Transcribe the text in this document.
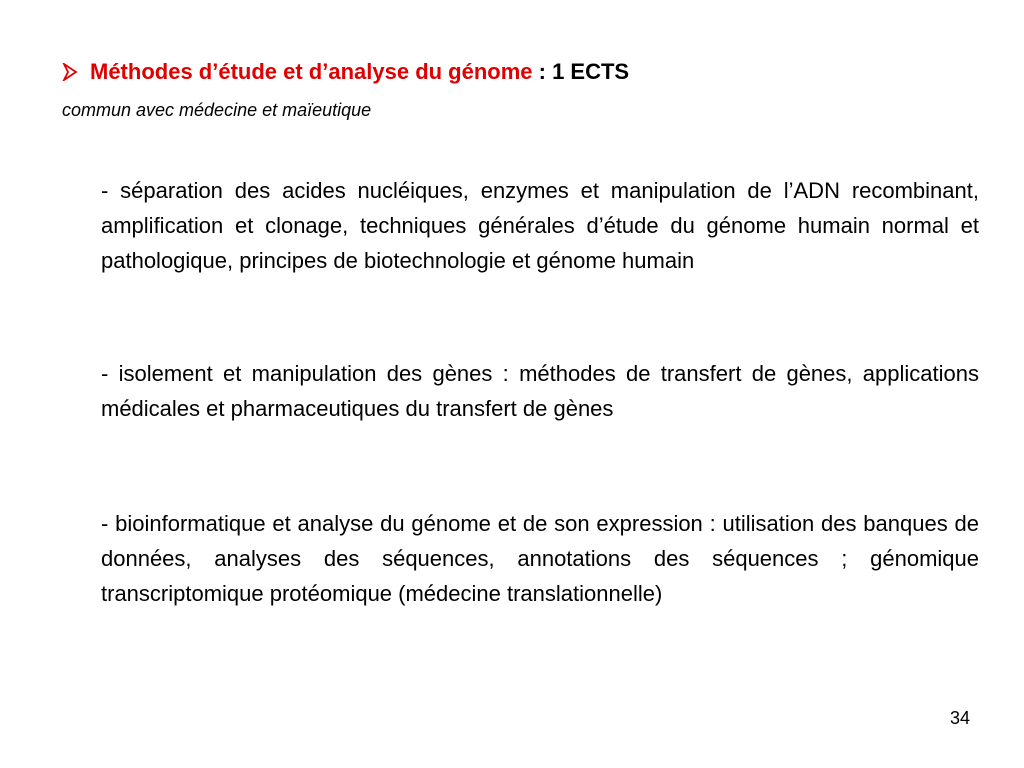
Méthodes d’étude et d’analyse du génome : 1 ECTS
commun avec médecine et maïeutique
- séparation des acides nucléiques, enzymes et manipulation de l’ADN recombinant, amplification et clonage, techniques générales d’étude du génome humain normal et pathologique, principes de biotechnologie et génome humain
- isolement et manipulation des gènes : méthodes de transfert de gènes, applications médicales et pharmaceutiques du transfert de gènes
- bioinformatique et analyse du génome et de son expression : utilisation des banques de données, analyses des séquences, annotations des séquences ; génomique transcriptomique protéomique (médecine translationnelle)
34
